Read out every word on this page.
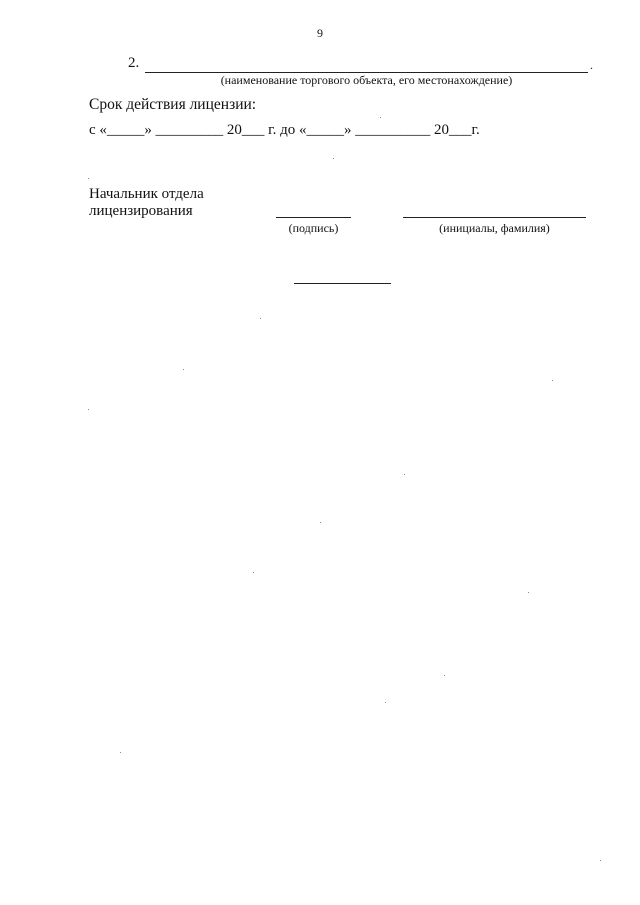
9
2.	.
(наименование торгового объекта, его местонахождение)
Срок действия лицензии:
с «_____» _________ 20___ г. до «_____» __________ 20___г.
Начальник отдела
лицензирования
(подпись)	(инициалы, фамилия)
